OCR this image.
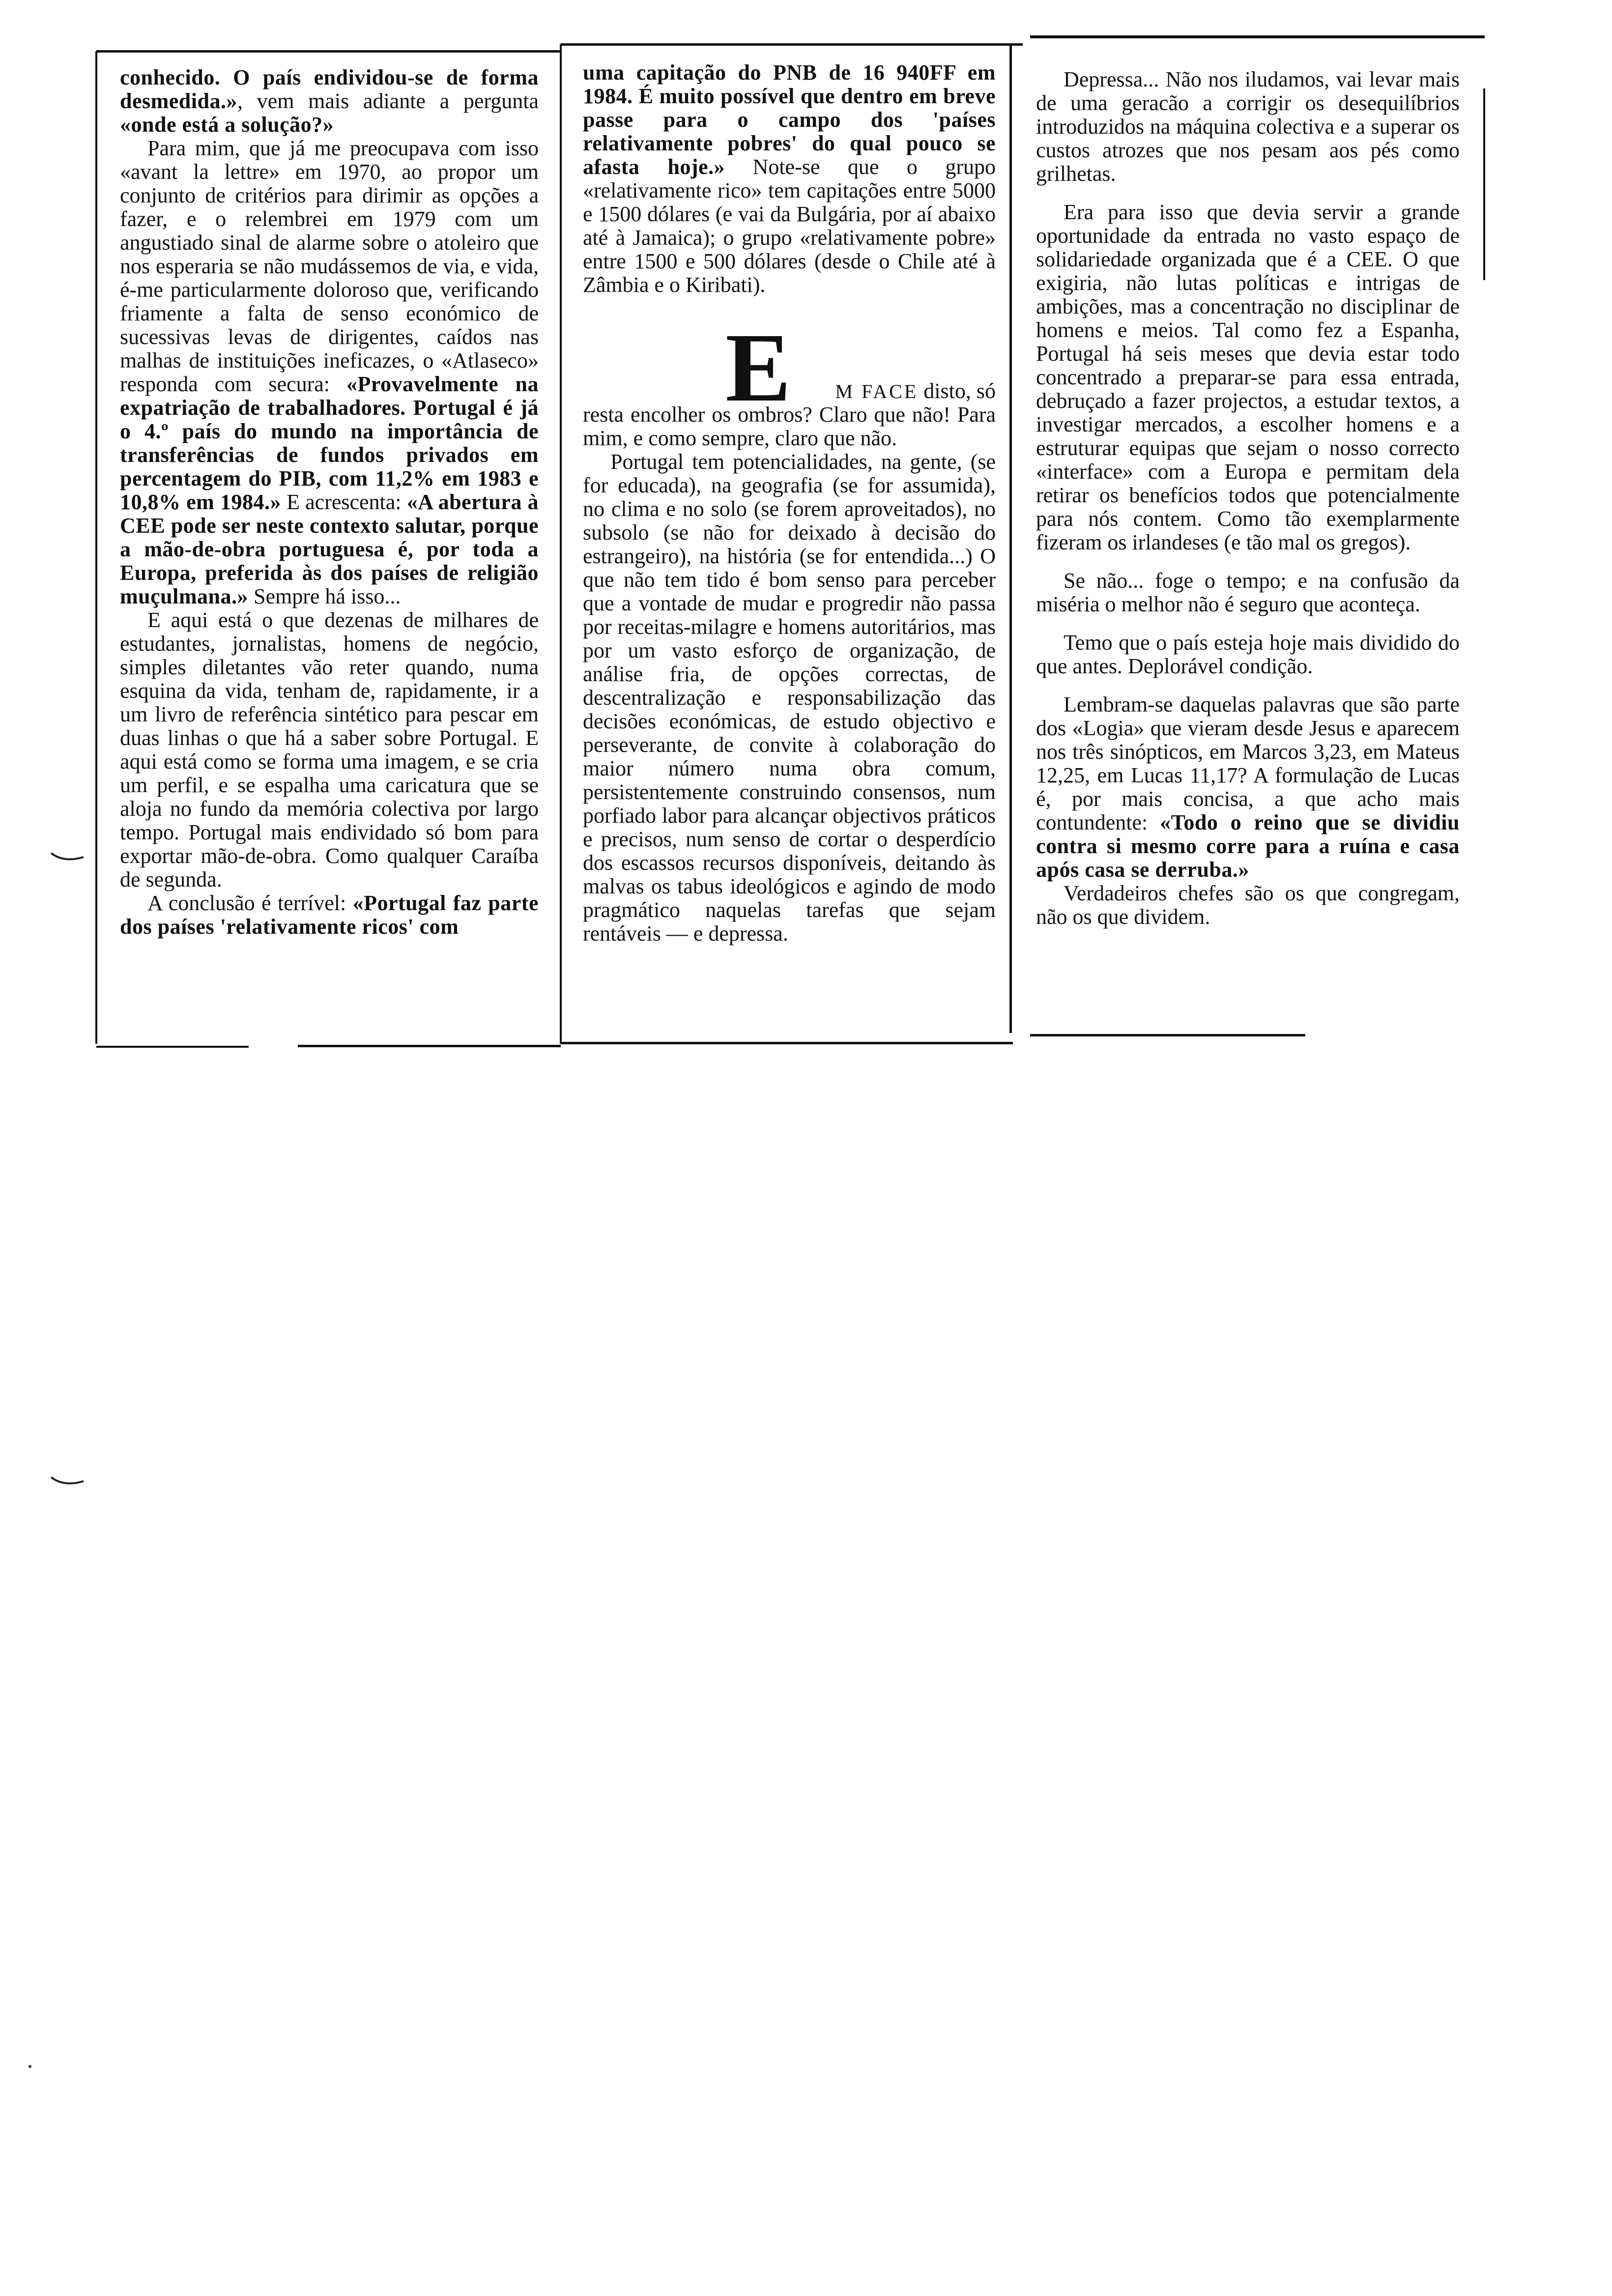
conhecido. O país endividou-se de forma desmedida.», vem mais adiante a pergunta «onde está a solução?»

Para mim, que já me preocupava com isso «avant la lettre» em 1970, ao propor um conjunto de critérios para dirimir as opções a fazer, e o relembrei em 1979 com um angustiado sinal de alarme sobre o atoleiro que nos esperaria se não mudássemos de via, e vida, é-me particularmente doloroso que, verificando friamente a falta de senso económico de sucessivas levas de dirigentes, caídos nas malhas de instituições ineficazes, o «Atlaseco» responda com secura: «Provavelmente na expatriação de trabalhadores. Portugal é já o 4.º país do mundo na importância de transferências de fundos privados em percentagem do PIB, com 11,2% em 1983 e 10,8% em 1984.» E acrescenta: «A abertura à CEE pode ser neste contexto salutar, porque a mão-de-obra portuguesa é, por toda a Europa, preferida às dos países de religião muçulmana.» Sempre há isso...

E aqui está o que dezenas de milhares de estudantes, jornalistas, homens de negócio, simples diletantes vão reter quando, numa esquina da vida, tenham de, rapidamente, ir a um livro de referência sintético para pescar em duas linhas o que há a saber sobre Portugal. E aqui está como se forma uma imagem, e se cria um perfil, e se espalha uma caricatura que se aloja no fundo da memória colectiva por largo tempo. Portugal mais endividado só bom para exportar mão-de-obra. Como qualquer Caraíba de segunda.

A conclusão é terrível: «Portugal faz parte dos países 'relativamente ricos' com

uma capitação do PNB de 16 940FF em 1984. É muito possível que dentro em breve passe para o campo dos 'países relativamente pobres' do qual pouco se afasta hoje.» Note-se que o grupo «relativamente rico» tem capitações entre 5000 e 1500 dólares (e vai da Bulgária, por aí abaixo até à Jamaica); o grupo «relativamente pobre» entre 1500 e 500 dólares (desde o Chile até à Zâmbia e o Kiribati).

E M FACE disto, só

resta encolher os ombros? Claro que não! Para mim, e como sempre, claro que não.

Portugal tem potencialidades, na gente, (se for educada), na geografia (se for assumida), no clima e no solo (se forem aproveitados), no subsolo (se não for deixado à decisão do estrangeiro), na história (se for entendida...) O que não tem tido é bom senso para perceber que a vontade de mudar e progredir não passa por receitas-milagre e homens autoritários, mas por um vasto esforço de organização, de análise fria, de opções correctas, de descentralização e responsabilização das decisões económicas, de estudo objectivo e perseverante, de convite à colaboração do maior número numa obra comum, persistentemente construindo consensos, num porfiado labor para alcançar objectivos práticos e precisos, num senso de cortar o desperdício dos escassos recursos disponíveis, deitando às malvas os tabus ideológicos e agindo de modo pragmático naquelas tarefas que sejam rentáveis — e depressa.

Depressa... Não nos iludamos, vai levar mais de uma geracão a corrigir os desequilíbrios introduzidos na máquina colectiva e a superar os custos atrozes que nos pesam aos pés como grilhetas.

Era para isso que devia servir a grande oportunidade da entrada no vasto espaço de solidariedade organizada que é a CEE. O que exigiria, não lutas políticas e intrigas de ambições, mas a concentração no disciplinar de homens e meios. Tal como fez a Espanha, Portugal há seis meses que devia estar todo concentrado a preparar-se para essa entrada, debruçado a fazer projectos, a estudar textos, a investigar mercados, a escolher homens e a estruturar equipas que sejam o nosso correcto «interface» com a Europa e permitam dela retirar os benefícios todos que potencialmente para nós contem. Como tão exemplarmente fizeram os irlandeses (e tão mal os gregos).

Se não... foge o tempo; e na confusão da miséria o melhor não é seguro que aconteça.

Temo que o país esteja hoje mais dividido do que antes. Deplorável condição.

Lembram-se daquelas palavras que são parte dos «Logia» que vieram desde Jesus e aparecem nos três sinópticos, em Marcos 3,23, em Mateus 12,25, em Lucas 11,17? A formulação de Lucas é, por mais concisa, a que acho mais contundente: «Todo o reino que se dividiu contra si mesmo corre para a ruína e casa após casa se derruba.»

Verdadeiros chefes são os que congregam, não os que dividem.
